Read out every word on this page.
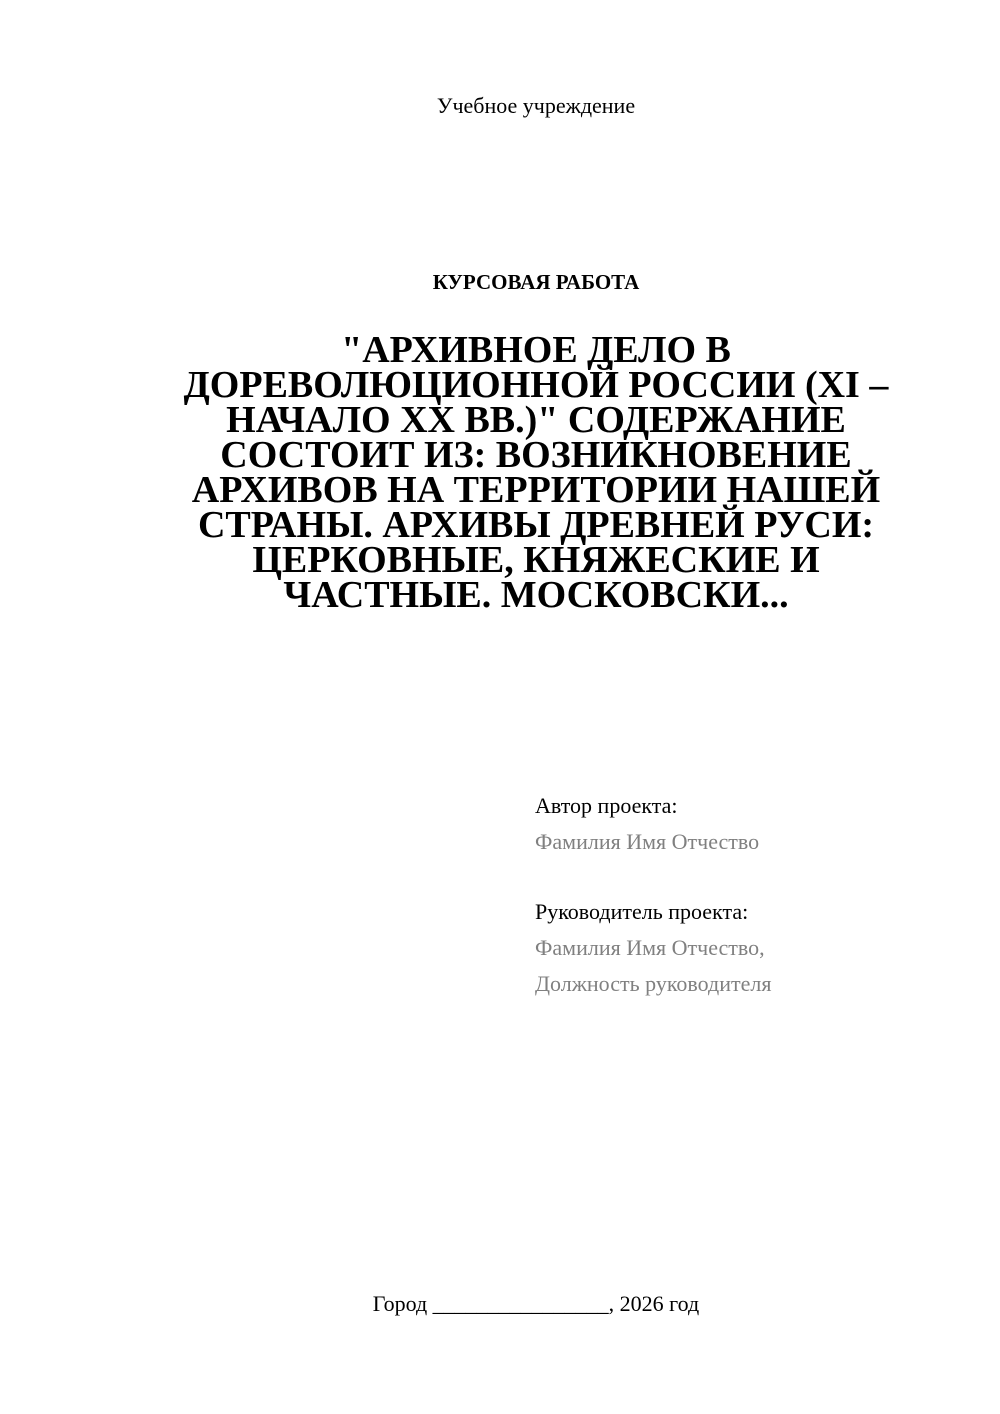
Учебное учреждение
КУРСОВАЯ РАБОТА
"АРХИВНОЕ ДЕЛО В ДОРЕВОЛЮЦИОННОЙ РОССИИ (XI – НАЧАЛО XX ВВ.)" СОДЕРЖАНИЕ СОСТОИТ ИЗ: ВОЗНИКНОВЕНИЕ АРХИВОВ НА ТЕРРИТОРИИ НАШЕЙ СТРАНЫ. АРХИВЫ ДРЕВНЕЙ РУСИ: ЦЕРКОВНЫЕ, КНЯЖЕСКИЕ И ЧАСТНЫЕ. МОСКОВСКИ...
Автор проекта:
Фамилия Имя Отчество
Руководитель проекта:
Фамилия Имя Отчество,
Должность руководителя
Город ________________, 2026 год
